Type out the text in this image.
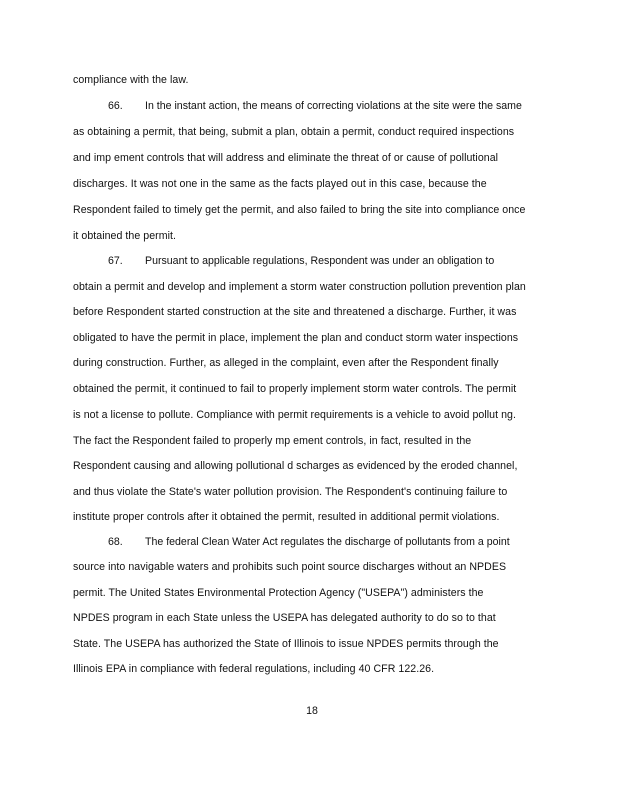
compliance with the law.
66. In the instant action, the means of correcting violations at the site were the same
as obtaining a permit, that being, submit a plan, obtain a permit, conduct required inspections
and imp ement controls that will address and eliminate the threat of or cause of pollutional
discharges. It was not one in the same as the facts played out in this case, because the
Respondent failed to timely get the permit, and also failed to bring the site into compliance once
it obtained the permit.
67. Pursuant to applicable regulations, Respondent was under an obligation to
obtain a permit and develop and implement a storm water construction pollution prevention plan
before Respondent started construction at the site and threatened a discharge. Further, it was
obligated to have the permit in place, implement the plan and conduct storm water inspections
during construction. Further, as alleged in the complaint, even after the Respondent finally
obtained the permit, it continued to fail to properly implement storm water controls. The permit
is not a license to pollute. Compliance with permit requirements is a vehicle to avoid pollut ng.
The fact the Respondent failed to properly mp ement controls, in fact, resulted in the
Respondent causing and allowing pollutional d scharges as evidenced by the eroded channel,
and thus violate the State's water pollution provision. The Respondent's continuing failure to
institute proper controls after it obtained the permit, resulted in additional permit violations.
68. The federal Clean Water Act regulates the discharge of pollutants from a point
source into navigable waters and prohibits such point source discharges without an NPDES
permit. The United States Environmental Protection Agency ("USEPA") administers the
NPDES program in each State unless the USEPA has delegated authority to do so to that
State. The USEPA has authorized the State of Illinois to issue NPDES permits through the
Illinois EPA in compliance with federal regulations, including 40 CFR 122.26.
18
